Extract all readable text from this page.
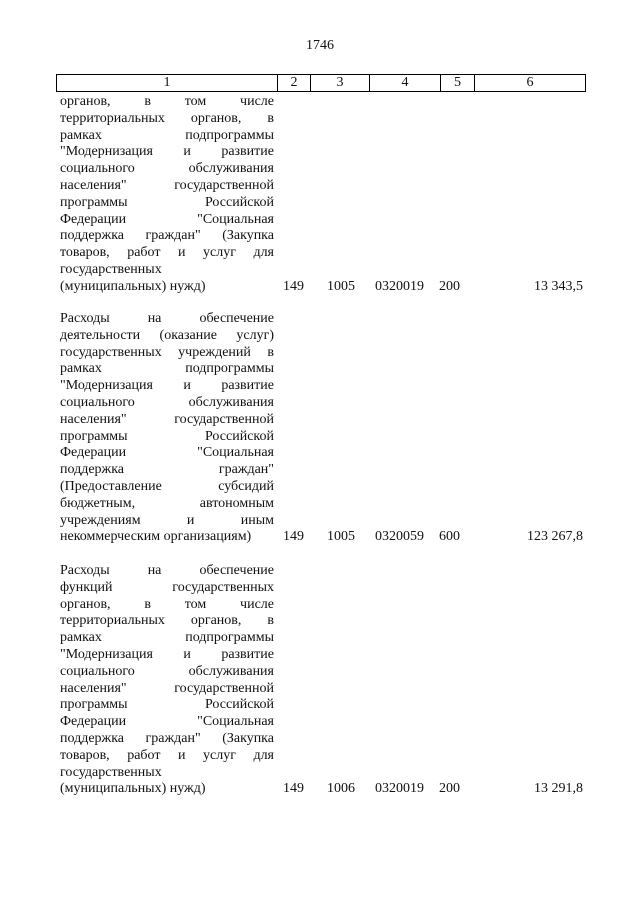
1746
1	2	3	4	5	6
органов, в том числе
территориальных органов, в
рамках подпрограммы
"Модернизация и развитие
социального обслуживания
населения" государственной
программы Российской
Федерации "Социальная
поддержка граждан" (Закупка
товаров, работ и услуг для
государственных
(муниципальных) нужд)	149 1005 0320019 200	13 343,5
Расходы на обеспечение
деятельности (оказание услуг)
государственных учреждений в
рамках подпрограммы
"Модернизация и развитие
социального обслуживания
населения" государственной
программы Российской
Федерации "Социальная
поддержка граждан"
(Предоставление субсидий
бюджетным, автономным
учреждениям и иным
некоммерческим организациям)	149 1005 0320059 600	123 267,8
Расходы на обеспечение
функций государственных
органов, в том числе
территориальных органов, в
рамках подпрограммы
"Модернизация и развитие
социального обслуживания
населения" государственной
программы Российской
Федерации "Социальная
поддержка граждан" (Закупка
товаров, работ и услуг для
государственных
(муниципальных) нужд)	149 1006 0320019 200	13 291,8
